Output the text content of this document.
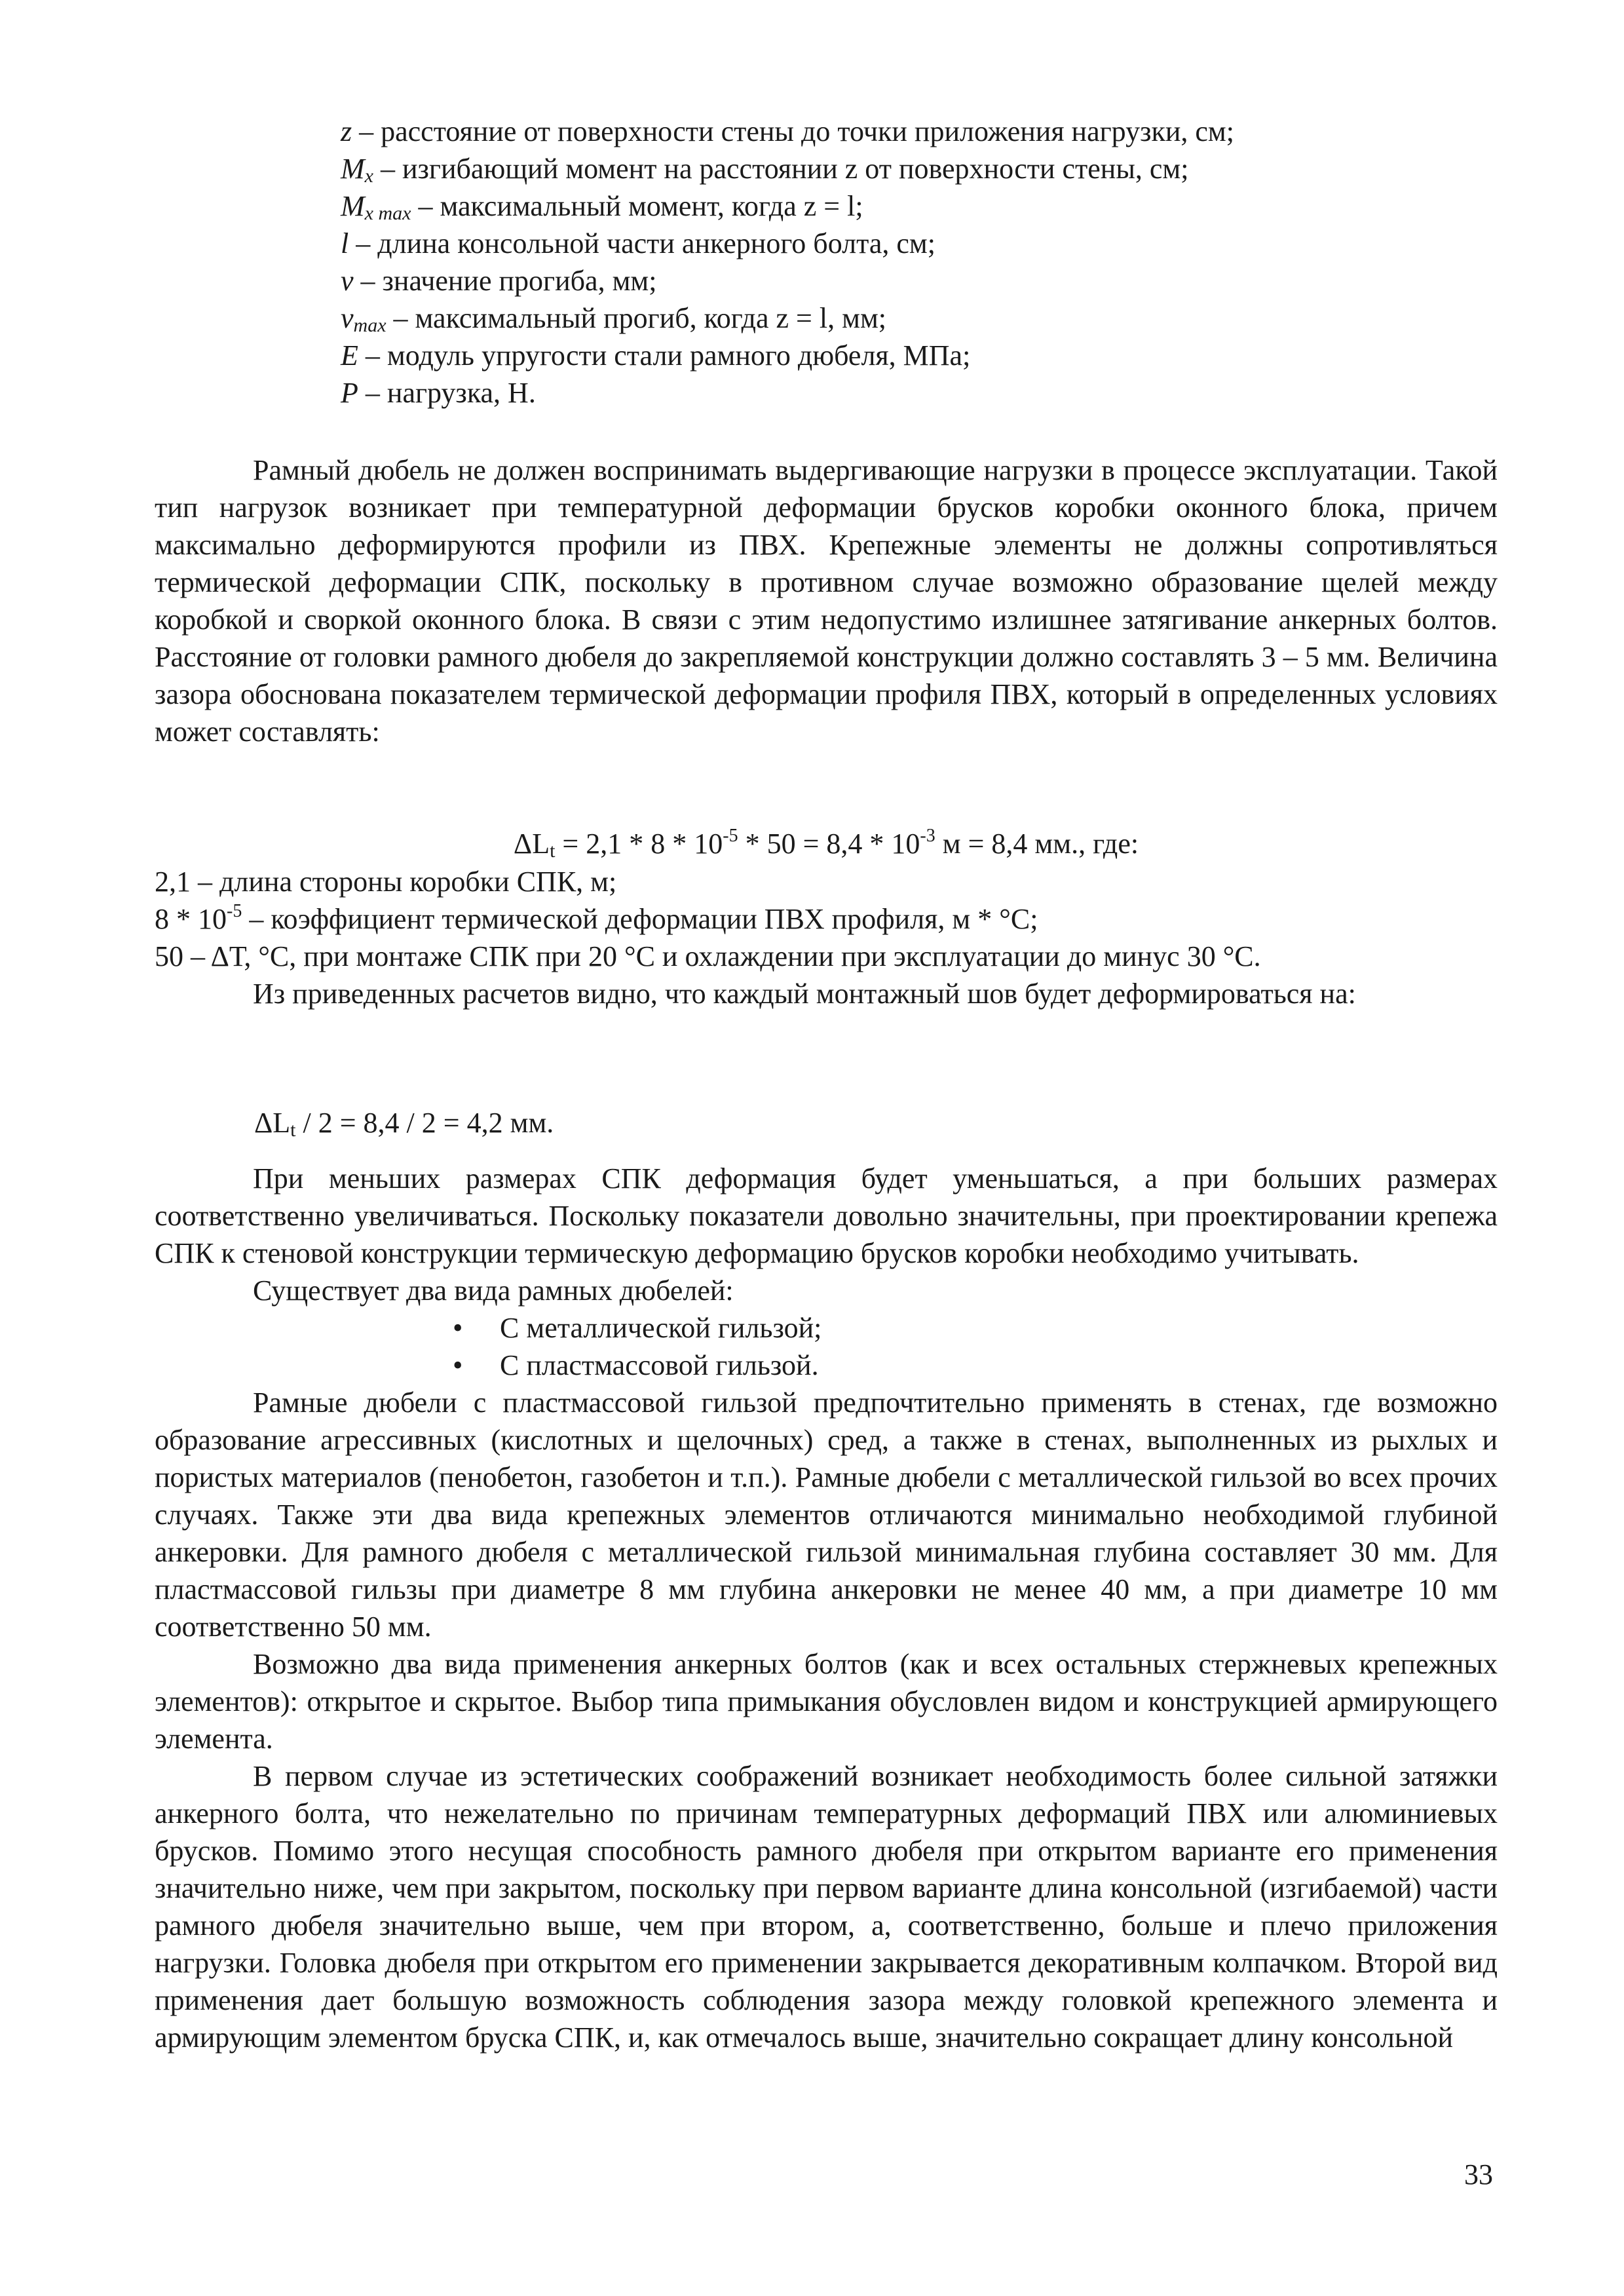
z – расстояние от поверхности стены до точки приложения нагрузки, см;
$M_x$ – изгибающий момент на расстоянии z от поверхности стены, см;
$M_{x max}$ – максимальный момент, когда z = l;
l – длина консольной части анкерного болта, см;
v – значение прогиба, мм;
$v_{max}$ – максимальный прогиб, когда z = l, мм;
E – модуль упругости стали рамного дюбеля, МПа;
P – нагрузка, Н.

Рамный дюбель не должен воспринимать выдергивающие нагрузки в процессе эксплуатации. Такой тип нагрузок возникает при температурной деформации брусков коробки оконного блока, причем максимально деформируются профили из ПВХ. Крепежные элементы не должны сопротивляться термической деформации СПК, поскольку в противном случае возможно образование щелей между коробкой и своркой оконного блока. В связи с этим недопустимо излишнее затягивание анкерных болтов. Расстояние от головки рамного дюбеля до закрепляемой конструкции должно составлять 3 – 5 мм. Величина зазора обоснована показателем термической деформации профиля ПВХ, который в определенных условиях может составлять:

$\Delta L_t = 2,1 * 8 * 10^{-5} * 50 = 8,4 * 10^{-3}$ м = 8,4 мм., где:
2,1 – длина стороны коробки СПК, м;
$8 * 10^{-5}$ – коэффициент термической деформации ПВХ профиля, м * °С;
50 – ΔТ, °С, при монтаже СПК при 20 °С и охлаждении при эксплуатации до минус 30 °С.

Из приведенных расчетов видно, что каждый монтажный шов будет деформироваться на:

$\Delta L_t / 2 = 8,4 / 2 = 4,2$ мм.

При меньших размерах СПК деформация будет уменьшаться, а при больших размерах соответственно увеличиваться. Поскольку показатели довольно значительны, при проектировании крепежа СПК к стеновой конструкции термическую деформацию брусков коробки необходимо учитывать.

Существует два вида рамных дюбелей:

• С металлической гильзой;
• С пластмассовой гильзой.

Рамные дюбели с пластмассовой гильзой предпочтительно применять в стенах, где возможно образование агрессивных (кислотных и щелочных) сред, а также в стенах, выполненных из рыхлых и пористых материалов (пенобетон, газобетон и т.п.). Рамные дюбели с металлической гильзой во всех прочих случаях. Также эти два вида крепежных элементов отличаются минимально необходимой глубиной анкеровки. Для рамного дюбеля с металлической гильзой минимальная глубина составляет 30 мм. Для пластмассовой гильзы при диаметре 8 мм глубина анкеровки не менее 40 мм, а при диаметре 10 мм соответственно 50 мм.

Возможно два вида применения анкерных болтов (как и всех остальных стержневых крепежных элементов): открытое и скрытое. Выбор типа примыкания обусловлен видом и конструкцией армирующего элемента.

В первом случае из эстетических соображений возникает необходимость более сильной затяжки анкерного болта, что нежелательно по причинам температурных деформаций ПВХ или алюминиевых брусков. Помимо этого несущая способность рамного дюбеля при открытом варианте его применения значительно ниже, чем при закрытом, поскольку при первом варианте длина консольной (изгибаемой) части рамного дюбеля значительно выше, чем при втором, а, соответственно, больше и плечо приложения нагрузки. Головка дюбеля при открытом его применении закрывается декоративным колпачком. Второй вид применения дает большую возможность соблюдения зазора между головкой крепежного элемента и армирующим элементом бруска СПК, и, как отмечалось выше, значительно сокращает длину консольной

33
